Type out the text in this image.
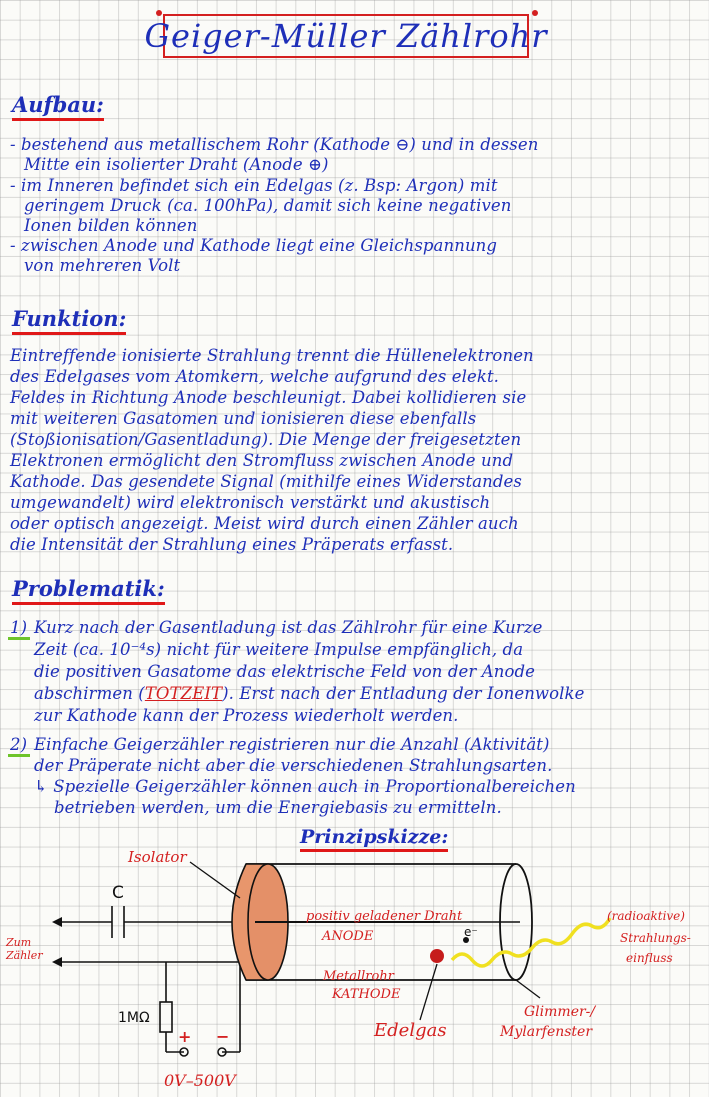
Geiger-Müller Zählrohr
Aufbau:
- bestehend aus metallischem Rohr (Kathode ⊖) und in dessen
Mitte ein isolierter Draht (Anode ⊕)
- im Inneren befindet sich ein Edelgas (z. Bsp: Argon) mit
geringem Druck (ca. 100hPa), damit sich keine negativen
Ionen bilden können
- zwischen Anode und Kathode liegt eine Gleichspannung
von mehreren Volt
Funktion:
Eintreffende ionisierte Strahlung trennt die Hüllenelektronen
des Edelgases vom Atomkern, welche aufgrund des elekt.
Feldes in Richtung Anode beschleunigt. Dabei kollidieren sie
mit weiteren Gasatomen und ionisieren diese ebenfalls
(Stoßionisation/Gasentladung). Die Menge der freigesetzten
Elektronen ermöglicht den Stromfluss zwischen Anode und
Kathode. Das gesendete Signal (mithilfe eines Widerstandes
umgewandelt) wird elektronisch verstärkt und akustisch
oder optisch angezeigt. Meist wird durch einen Zähler auch
die Intensität der Strahlung eines Präperats erfasst.
Problematik:
1) Kurz nach der Gasentladung ist das Zählrohr für eine Kurze
Zeit (ca. 10⁻⁴s) nicht für weitere Impulse empfänglich, da
die positiven Gasatome das elektrische Feld von der Anode
abschirmen (TOTZEIT). Erst nach der Entladung der Ionenwolke
zur Kathode kann der Prozess wiederholt werden.
2) Einfache Geigerzähler registrieren nur die Anzahl (Aktivität)
der Präperate nicht aber die verschiedenen Strahlungsarten.
↳ Spezielle Geigerzähler können auch in Proportionalbereichen
betrieben werden, um die Energiebasis zu ermitteln.
Prinzipskizze:
Isolator
C
Zum
Zähler
positiv geladener Draht
ANODE	e⁻
Metallrohr
KATHODE
Edelgas
1MΩ
+ −
0V–500V
Glimmer-/
Mylarfenster
(radioaktive)
Strahlungs-
einfluss
